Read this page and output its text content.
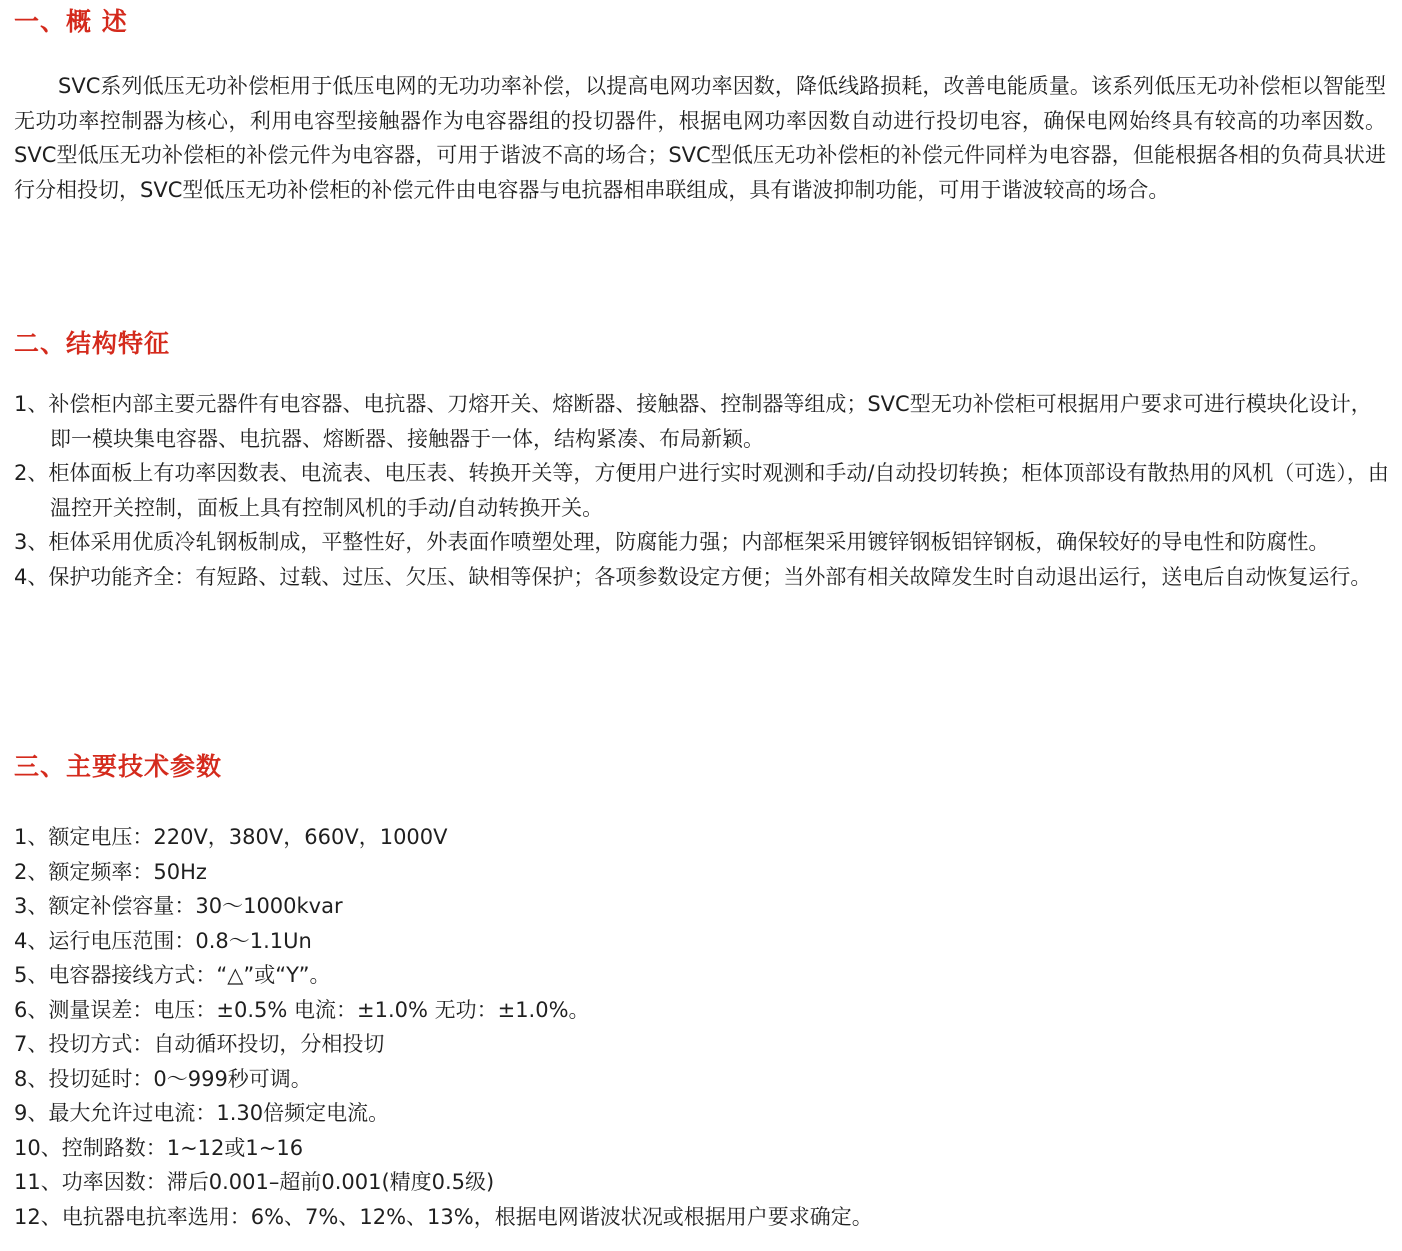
一、概 述

SVC系列低压无功补偿柜用于低压电网的无功功率补偿，以提高电网功率因数，降低线路损耗，改善电能质量。该系列低压无功补偿柜以智能型无功功率控制器为核心，利用电容型接触器作为电容器组的投切器件，根据电网功率因数自动进行投切电容，确保电网始终具有较高的功率因数。SVC型低压无功补偿柜的补偿元件为电容器，可用于谐波不高的场合；SVC型低压无功补偿柜的补偿元件同样为电容器，但能根据各相的负荷具状进行分相投切，SVC型低压无功补偿柜的补偿元件由电容器与电抗器相串联组成，具有谐波抑制功能，可用于谐波较高的场合。

二、结构特征
1、补偿柜内部主要元器件有电容器、电抗器、刀熔开关、熔断器、接触器、控制器等组成；SVC型无功补偿柜可根据用户要求可进行模块化设计，即一模块集电容器、电抗器、熔断器、接触器于一体，结构紧凑、布局新颖。
2、柜体面板上有功率因数表、电流表、电压表、转换开关等，方便用户进行实时观测和手动/自动投切转换；柜体顶部设有散热用的风机（可选），由温控开关控制，面板上具有控制风机的手动/自动转换开关。
3、柜体采用优质冷轧钢板制成，平整性好，外表面作喷塑处理，防腐能力强；内部框架采用镀锌钢板铝锌钢板，确保较好的导电性和防腐性。
4、保护功能齐全：有短路、过载、过压、欠压、缺相等保护；各项参数设定方便；当外部有相关故障发生时自动退出运行，送电后自动恢复运行。
三、主要技术参数
1、额定电压：220V，380V，660V，1000V
2、额定频率：50Hz
3、额定补偿容量：30～1000kvar
4、运行电压范围：0.8～1.1Un
5、电容器接线方式：“△”或“Y”。
6、测量误差：电压：±0.5% 电流：±1.0% 无功：±1.0%。
7、投切方式：自动循环投切，分相投切
8、投切延时：0～999秒可调。
9、最大允许过电流：1.30倍频定电流。
10、控制路数：1~12或1~16
11、功率因数：滞后0.001–超前0.001(精度0.5级)
12、电抗器电抗率选用：6%、7%、12%、13%，根据电网谐波状况或根据用户要求确定。
